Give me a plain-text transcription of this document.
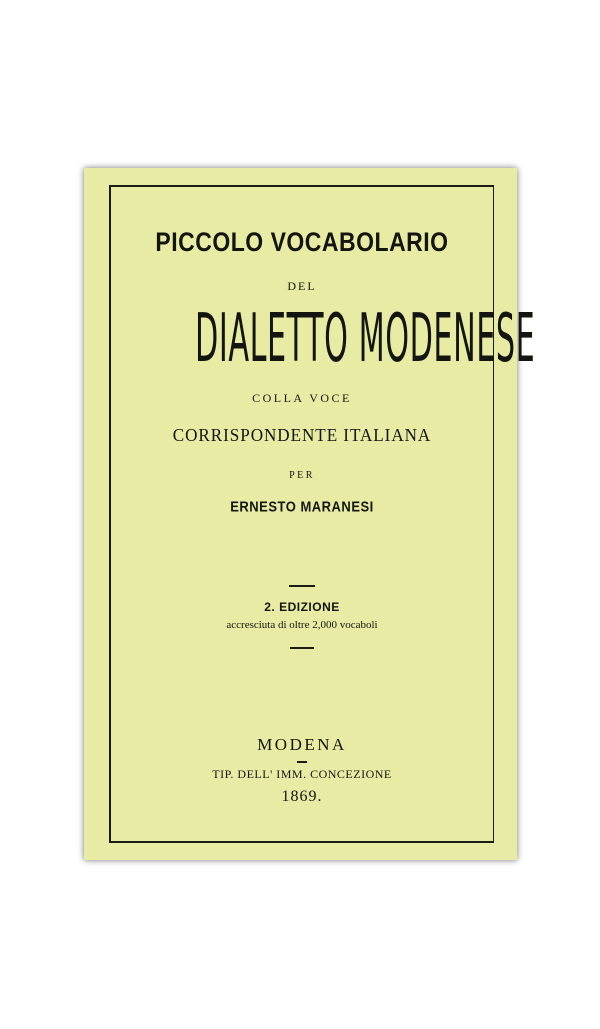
PICCOLO VOCABOLARIO
DEL
DIALETTO MODENESE
COLLA VOCE
CORRISPONDENTE ITALIANA
PER
ERNESTO MARANESI
2. EDIZIONE
accresciuta di oltre 2,000 vocaboli
MODENA
TIP. DELL' IMM. CONCEZIONE
1869.
